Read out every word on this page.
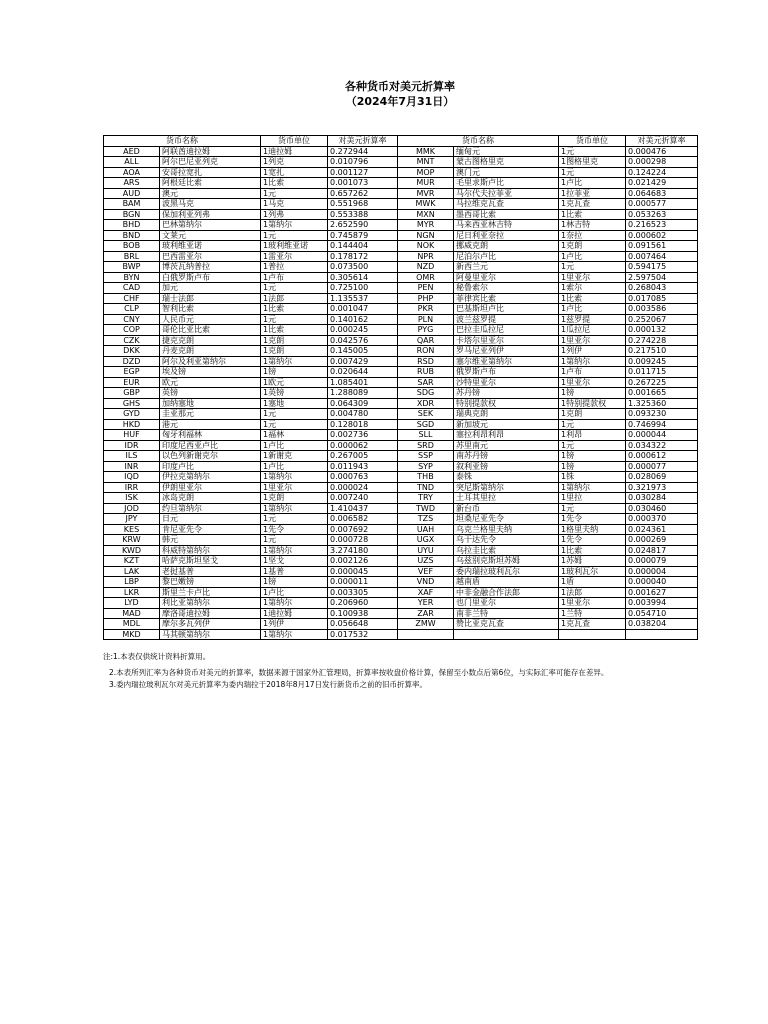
各种货币对美元折算率
（2024年7月31日）
货币名称		货币单位	对美元折算率	货币名称		货币单位	对美元折算率
AED	阿联酋迪拉姆	1迪拉姆	0.272944	MMK	缅甸元	1元	0.000476
ALL	阿尔巴尼亚列克	1列克	0.010796	MNT	蒙古图格里克	1图格里克	0.000298
AOA	安哥拉宽扎	1宽扎	0.001127	MOP	澳门元	1元	0.124224
ARS	阿根廷比索	1比索	0.001073	MUR	毛里求斯卢比	1卢比	0.021429
AUD	澳元	1元	0.657262	MVR	马尔代夫拉菲亚	1拉菲亚	0.064683
BAM	波黑马克	1马克	0.551968	MWK	马拉维克瓦查	1克瓦查	0.000577
BGN	保加利亚列弗	1列弗	0.553388	MXN	墨西哥比索	1比索	0.053263
BHD	巴林第纳尔	1第纳尔	2.652590	MYR	马来西亚林吉特	1林吉特	0.216523
BND	文莱元	1元	0.745879	NGN	尼日利亚奈拉	1奈拉	0.000602
BOB	玻利维亚诺	1玻利维亚诺	0.144404	NOK	挪威克朗	1克朗	0.091561
BRL	巴西雷亚尔	1雷亚尔	0.178172	NPR	尼泊尔卢比	1卢比	0.007464
BWP	博茨瓦纳普拉	1普拉	0.073500	NZD	新西兰元	1元	0.594175
BYN	白俄罗斯卢布	1卢布	0.305614	OMR	阿曼里亚尔	1里亚尔	2.597504
CAD	加元	1元	0.725100	PEN	秘鲁索尔	1索尔	0.268043
CHF	瑞士法郎	1法郎	1.135537	PHP	菲律宾比索	1比索	0.017085
CLP	智利比索	1比索	0.001047	PKR	巴基斯坦卢比	1卢比	0.003586
CNY	人民币元	1元	0.140162	PLN	波兰兹罗提	1兹罗提	0.252067
COP	哥伦比亚比索	1比索	0.000245	PYG	巴拉圭瓜拉尼	1瓜拉尼	0.000132
CZK	捷克克朗	1克朗	0.042576	QAR	卡塔尔里亚尔	1里亚尔	0.274228
DKK	丹麦克朗	1克朗	0.145005	RON	罗马尼亚列伊	1列伊	0.217510
DZD	阿尔及利亚第纳尔	1第纳尔	0.007429	RSD	塞尔维亚第纳尔	1第纳尔	0.009245
EGP	埃及镑	1镑	0.020644	RUB	俄罗斯卢布	1卢布	0.011715
EUR	欧元	1欧元	1.085401	SAR	沙特里亚尔	1里亚尔	0.267225
GBP	英镑	1英镑	1.288089	SDG	苏丹镑	1镑	0.001665
GHS	加纳塞地	1塞地	0.064309	XDR	特别提款权	1特别提款权	1.325360
GYD	圭亚那元	1元	0.004780	SEK	瑞典克朗	1克朗	0.093230
HKD	港元	1元	0.128018	SGD	新加坡元	1元	0.746994
HUF	匈牙利福林	1福林	0.002736	SLL	塞拉利昂利昂	1利昂	0.000044
IDR	印度尼西亚卢比	1卢比	0.000062	SRD	苏里南元	1元	0.034322
ILS	以色列新谢克尔	1新谢克	0.267005	SSP	南苏丹镑	1镑	0.000612
INR	印度卢比	1卢比	0.011943	SYP	叙利亚镑	1镑	0.000077
IQD	伊拉克第纳尔	1第纳尔	0.000763	THB	泰铢	1铢	0.028069
IRR	伊朗里亚尔	1里亚尔	0.000024	TND	突尼斯第纳尔	1第纳尔	0.321973
ISK	冰岛克朗	1克朗	0.007240	TRY	土耳其里拉	1里拉	0.030284
JOD	约旦第纳尔	1第纳尔	1.410437	TWD	新台币	1元	0.030460
JPY	日元	1元	0.006582	TZS	坦桑尼亚先令	1先令	0.000370
KES	肯尼亚先令	1先令	0.007692	UAH	乌克兰格里夫纳	1格里夫纳	0.024361
KRW	韩元	1元	0.000728	UGX	乌干达先令	1先令	0.000269
KWD	科威特第纳尔	1第纳尔	3.274180	UYU	乌拉圭比索	1比索	0.024817
KZT	哈萨克斯坦坚戈	1坚戈	0.002126	UZS	乌兹别克斯坦苏姆	1苏姆	0.000079
LAK	老挝基普	1基普	0.000045	VEF	委内瑞拉玻利瓦尔	1玻利瓦尔	0.000004
LBP	黎巴嫩镑	1镑	0.000011	VND	越南盾	1盾	0.000040
LKR	斯里兰卡卢比	1卢比	0.003305	XAF	中非金融合作法郎	1法郎	0.001627
LYD	利比亚第纳尔	1第纳尔	0.206960	YER	也门里亚尔	1里亚尔	0.003994
MAD	摩洛哥迪拉姆	1迪拉姆	0.100938	ZAR	南非兰特	1兰特	0.054710
MDL	摩尔多瓦列伊	1列伊	0.056648	ZMW	赞比亚克瓦查	1克瓦查	0.038204
MKD	马其顿第纳尔	1第纳尔	0.017532				

注:1.本表仅供统计资料折算用。

2.本表所列汇率为各种货币对美元的折算率，数据来源于国家外汇管理局，折算率按收盘价格计算，保留至小数点后第6位，与实际汇率可能存在差异。

3.委内瑞拉玻利瓦尔对美元折算率为委内瑞拉于2018年8月17日发行新货币之前的旧币折算率。
